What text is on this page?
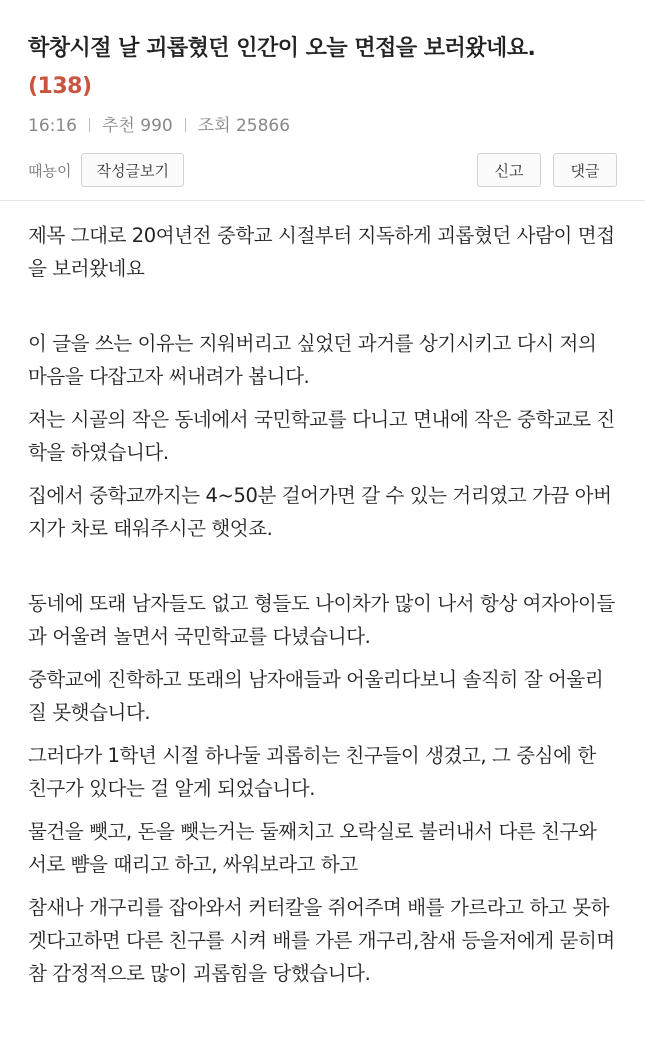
학창시절 날 괴롭혔던 인간이 오늘 면접을 보러왔네요.
(138)
16:16 추천 990 조회 25866
때뇽이	작성글보기	신고	댓글

제목 그대로 20여년전 중학교 시절부터 지독하게 괴롭혔던 사람이 면접을 보러왔네요

이 글을 쓰는 이유는 지워버리고 싶었던 과거를 상기시키고 다시 저의 마음을 다잡고자 써내려가 봅니다.

저는 시골의 작은 동네에서 국민학교를 다니고 면내에 작은 중학교로 진학을 하였습니다.

집에서 중학교까지는 4~50분 걸어가면 갈 수 있는 거리였고 가끔 아버지가 차로 태워주시곤 햇엇죠.

동네에 또래 남자들도 없고 형들도 나이차가 많이 나서 항상 여자아이들과 어울려 놀면서 국민학교를 다녔습니다.

중학교에 진학하고 또래의 남자애들과 어울리다보니 솔직히 잘 어울리질 못햇습니다.

그러다가 1학년 시절 하나둘 괴롭히는 친구들이 생겼고, 그 중심에 한 친구가 있다는 걸 알게 되었습니다.

물건을 뺏고, 돈을 뺏는거는 둘째치고 오락실로 불러내서 다른 친구와 서로 뺨을 때리고 하고, 싸워보라고 하고

참새나 개구리를 잡아와서 커터칼을 쥐어주며 배를 가르라고 하고 못하겟다고하면 다른 친구를 시켜 배를 가른 개구리,참새 등을저에게 묻히며 참 감정적으로 많이 괴롭힘을 당했습니다.
